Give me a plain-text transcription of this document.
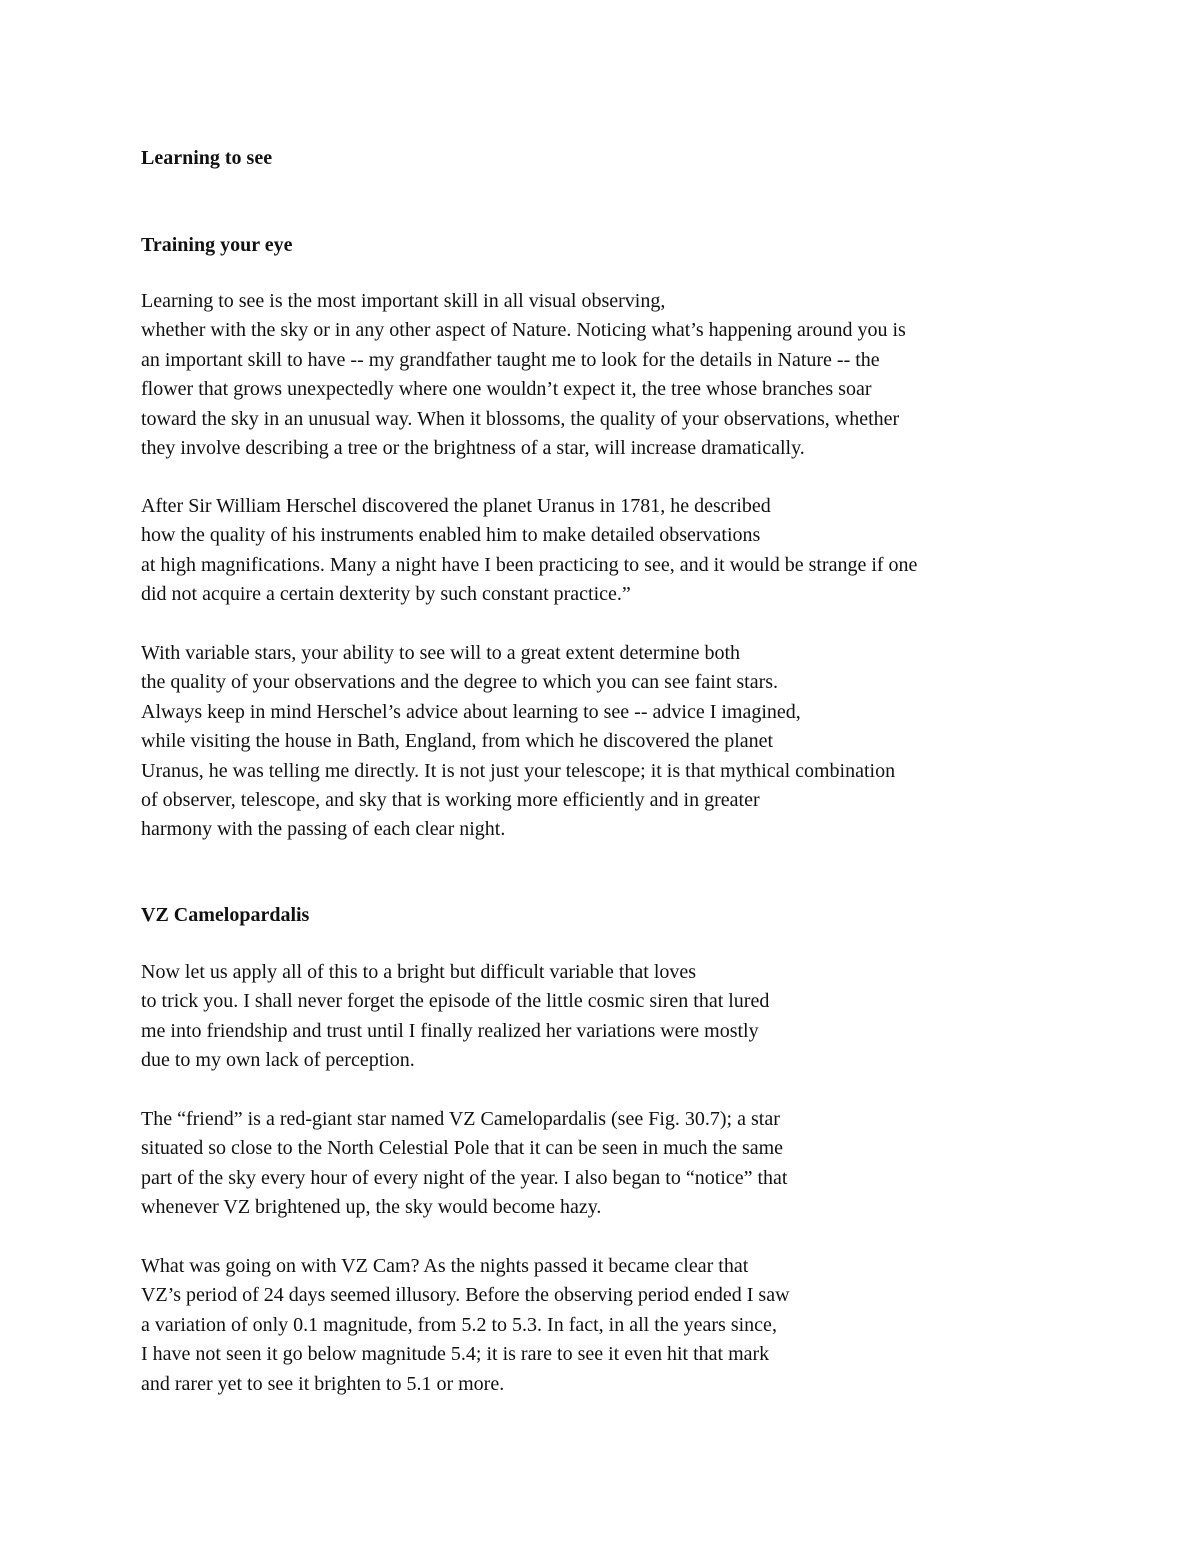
Learning to see
Training your eye
Learning to see is the most important skill in all visual observing,
whether with the sky or in any other aspect of Nature. Noticing what’s happening around you is
an important skill to have -- my grandfather taught me to look for the details in Nature -- the
flower that grows unexpectedly where one wouldn’t expect it, the tree whose branches soar
toward the sky in an unusual way. When it blossoms, the quality of your observations, whether
they involve describing a tree or the brightness of a star, will increase dramatically.
After Sir William Herschel discovered the planet Uranus in 1781, he described
how the quality of his instruments enabled him to make detailed observations
at high magnifications. Many a night have I been practicing to see, and it would be strange if one
did not acquire a certain dexterity by such constant practice.”
With variable stars, your ability to see will to a great extent determine both
the quality of your observations and the degree to which you can see faint stars.
Always keep in mind Herschel’s advice about learning to see -- advice I imagined,
while visiting the house in Bath, England, from which he discovered the planet
Uranus, he was telling me directly. It is not just your telescope; it is that mythical combination
of observer, telescope, and sky that is working more efficiently and in greater
harmony with the passing of each clear night.
VZ Camelopardalis
Now let us apply all of this to a bright but difficult variable that loves
to trick you. I shall never forget the episode of the little cosmic siren that lured
me into friendship and trust until I finally realized her variations were mostly
due to my own lack of perception.
The “friend” is a red-giant star named VZ Camelopardalis (see Fig. 30.7); a star
situated so close to the North Celestial Pole that it can be seen in much the same
part of the sky every hour of every night of the year. I also began to “notice” that
whenever VZ brightened up, the sky would become hazy.
What was going on with VZ Cam? As the nights passed it became clear that
VZ’s period of 24 days seemed illusory. Before the observing period ended I saw
a variation of only 0.1 magnitude, from 5.2 to 5.3. In fact, in all the years since,
I have not seen it go below magnitude 5.4; it is rare to see it even hit that mark
and rarer yet to see it brighten to 5.1 or more.
